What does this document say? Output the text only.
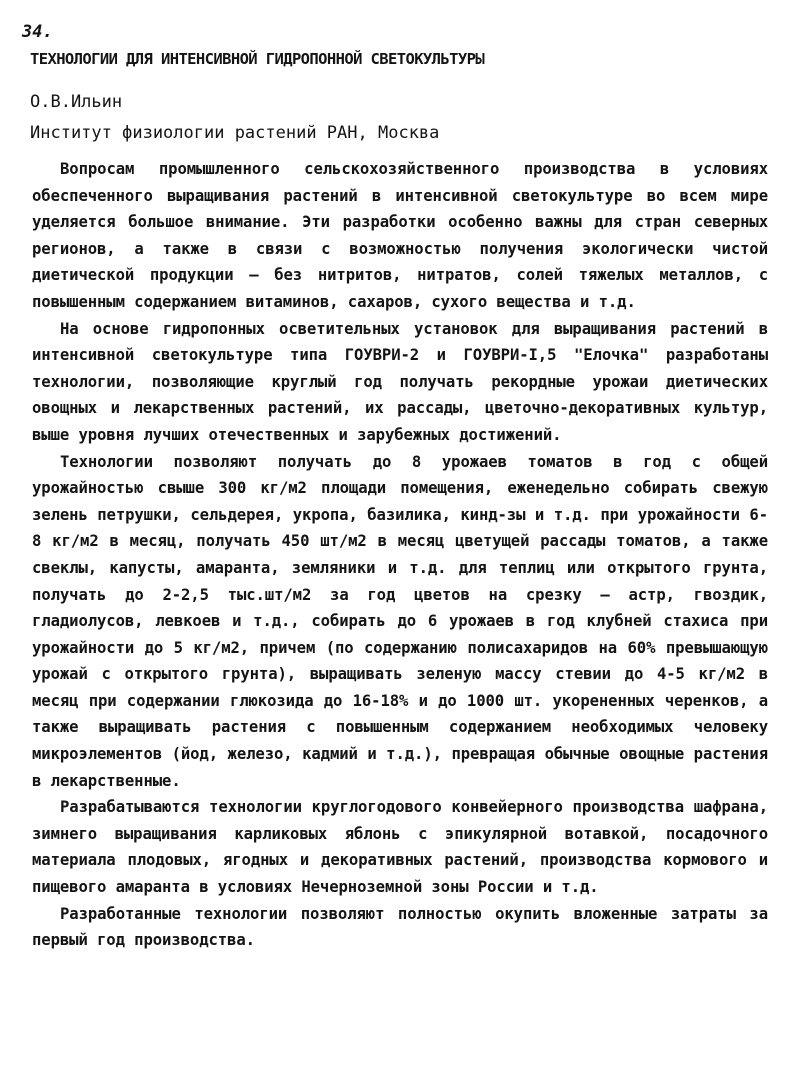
34.
ТЕХНОЛОГИИ ДЛЯ ИНТЕНСИВНОЙ ГИДРОПОННОЙ СВЕТОКУЛЬТУРЫ
О.В.Ильин
Институт физиологии растений РАН, Москва

Вопросам промышленного сельскохозяйственного производства в условиях обеспеченного выращивания растений в интенсивной светокультуре во всем мире уделяется большое внимание. Эти разработки особенно важны для стран северных регионов, а также в связи с возможностью получения экологически чистой диетической продукции – без нитритов, нитратов, солей тяжелых металлов, с повышенным содержанием витаминов, сахаров, сухого вещества и т.д.

На основе гидропонных осветительных установок для выращивания растений в интенсивной светокультуре типа ГОУВРИ-2 и ГОУВРИ-I,5 "Елочка" разработаны технологии, позволяющие круглый год получать рекордные урожаи диетических овощных и лекарственных растений, их рассады, цветочно-декоративных культур, выше уровня лучших отечественных и зарубежных достижений.

Технологии позволяют получать до 8 урожаев томатов в год с общей урожайностью свыше 300 кг/м2 площади помещения, еженедельно собирать свежую зелень петрушки, сельдерея, укропа, базилика, кинд-зы и т.д. при урожайности 6-8 кг/м2 в месяц, получать 450 шт/м2 в месяц цветущей рассады томатов, а также свеклы, капусты, амаранта, земляники и т.д. для теплиц или открытого грунта, получать до 2-2,5 тыс.шт/м2 за год цветов на срезку – астр, гвоздик, гладиолусов, левкоев и т.д., собирать до 6 урожаев в год клубней стахиса при урожайности до 5 кг/м2, причем (по содержанию полисахаридов на 60% превышающую урожай с открытого грунта), выращивать зеленую массу стевии до 4-5 кг/м2 в месяц при содержании глюкозида до 16-18% и до 1000 шт. укорененных черенков, а также выращивать растения с повышенным содержанием необходимых человеку микроэлементов (йод, железо, кадмий и т.д.), превращая обычные овощные растения в лекарственные.

Разрабатываются технологии круглогодового конвейерного производства шафрана, зимнего выращивания карликовых яблонь с эпикулярной вотавкой, посадочного материала плодовых, ягодных и декоративных растений, производства кормового и пищевого амаранта в условиях Нечерноземной зоны России и т.д.

Разработанные технологии позволяют полностью окупить вложенные затраты за первый год производства.
